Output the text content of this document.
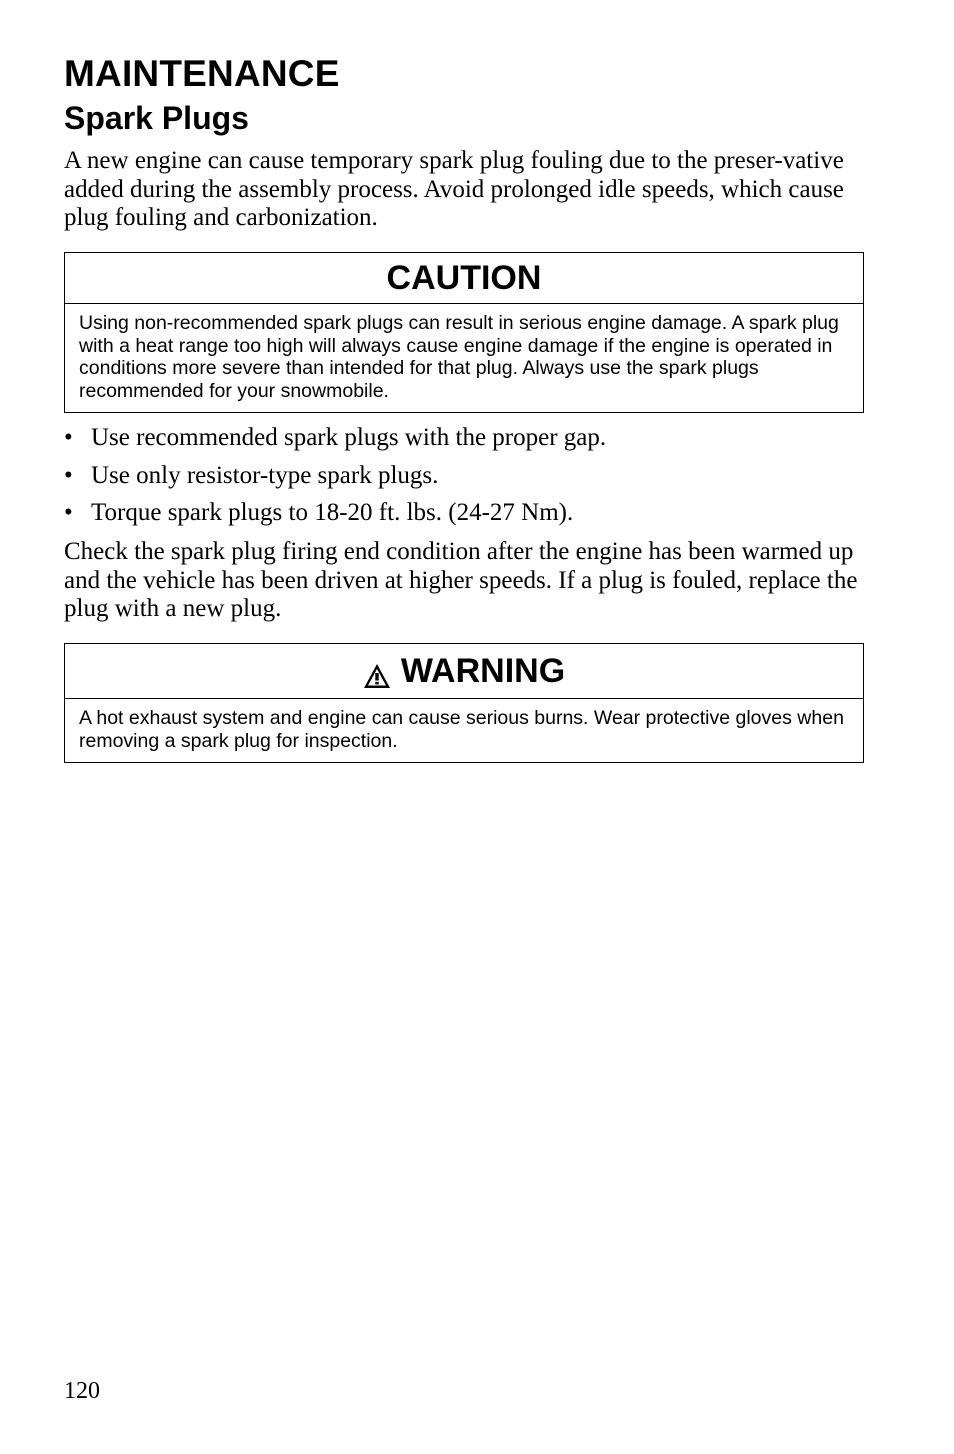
MAINTENANCE
Spark Plugs

A new engine can cause temporary spark plug fouling due to the preser-vative added during the assembly process. Avoid prolonged idle speeds, which cause plug fouling and carbonization.

CAUTION
Using non-recommended spark plugs can result in serious engine damage. A spark plug with a heat range too high will always cause engine damage if the engine is operated in conditions more severe than intended for that plug. Always use the spark plugs recommended for your snowmobile.
• Use recommended spark plugs with the proper gap.
• Use only resistor-type spark plugs.
• Torque spark plugs to 18-20 ft. lbs. (24-27 Nm).

Check the spark plug firing end condition after the engine has been warmed up and the vehicle has been driven at higher speeds. If a plug is fouled, replace the plug with a new plug.

WARNING
A hot exhaust system and engine can cause serious burns. Wear protective gloves when removing a spark plug for inspection.
120
